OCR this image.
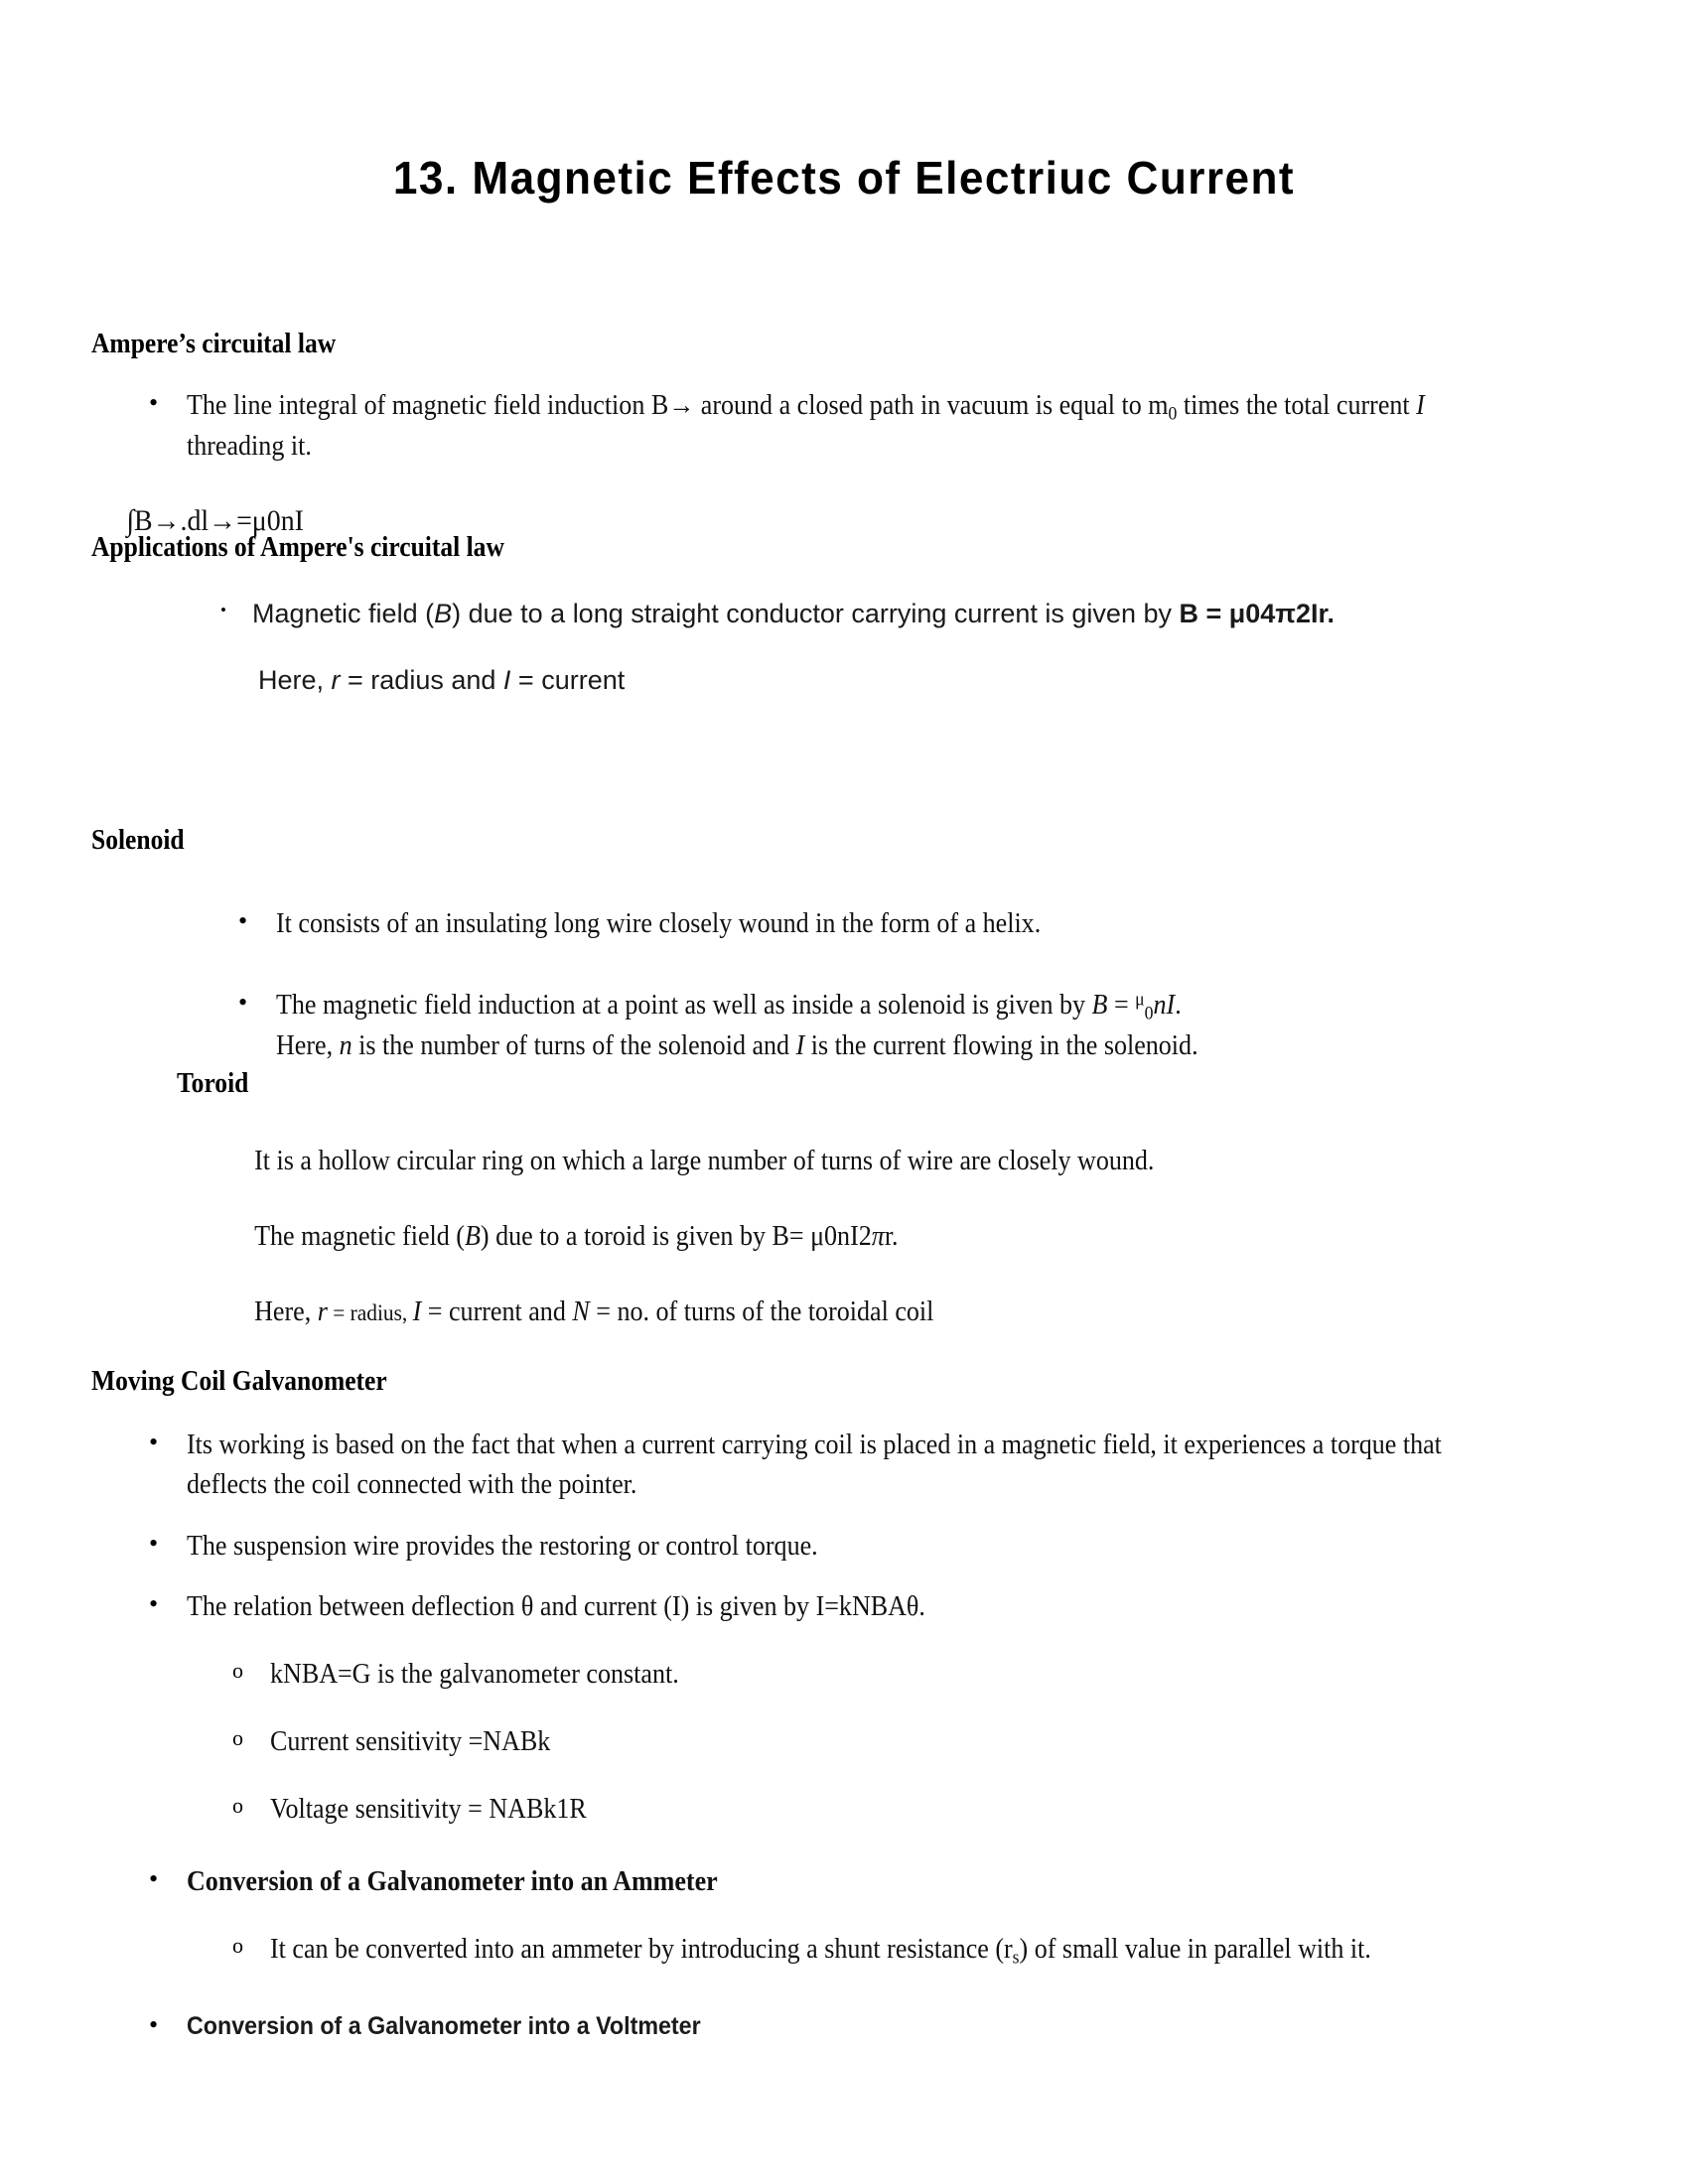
13. Magnetic Effects of Electriuc Current
Ampere’s circuital law
•	The line integral of magnetic field induction B→ around a closed path in vacuum is equal to $m_0$ times the total current I threading it.
∫B→.dl→=μ0nI
Applications of Ampere's circuital law
• Magnetic field (B) due to a long straight conductor carrying current is given by B = μ04π2Ir.
Here, r = radius and I = current
Solenoid
•	It consists of an insulating long wire closely wound in the form of a helix.
•	The magnetic field induction at a point as well as inside a solenoid is given by B = $^\mu_0$nI.
Here, n is the number of turns of the solenoid and I is the current flowing in the solenoid.
Toroid
It is a hollow circular ring on which a large number of turns of wire are closely wound.
The magnetic field (B) due to a toroid is given by B= μ0nI2πr.
Here, r = radius, I = current and N = no. of turns of the toroidal coil
Moving Coil Galvanometer
•	Its working is based on the fact that when a current carrying coil is placed in a magnetic field, it experiences a torque that deflects the coil connected with the pointer.
•	The suspension wire provides the restoring or control torque.
•	The relation between deflection θ and current (I) is given by I=kNBAθ.
o kNBA=G is the galvanometer constant.
o Current sensitivity =NABk
o Voltage sensitivity = NABk1R
•	Conversion of a Galvanometer into an Ammeter
o It can be converted into an ammeter by introducing a shunt resistance $(r_s)$ of small value in parallel with it.
•	Conversion of a Galvanometer into a Voltmeter
